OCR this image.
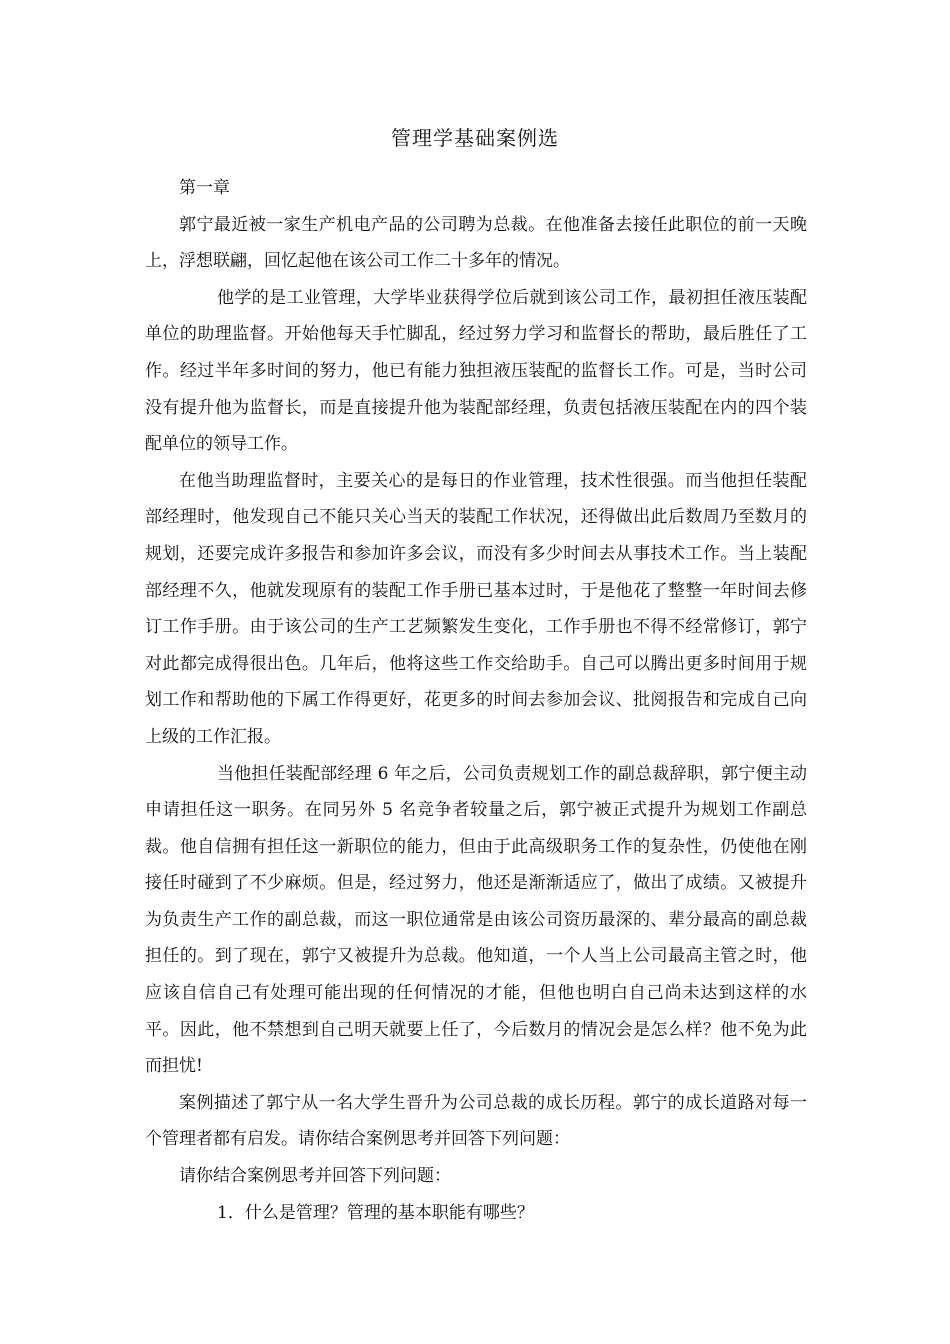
管理学基础案例选

第一章

郭宁最近被一家生产机电产品的公司聘为总裁。在他准备去接任此职位的前一天晚上，浮想联翩，回忆起他在该公司工作二十多年的情况。

他学的是工业管理，大学毕业获得学位后就到该公司工作，最初担任液压装配单位的助理监督。开始他每天手忙脚乱，经过努力学习和监督长的帮助，最后胜任了工作。经过半年多时间的努力，他已有能力独担液压装配的监督长工作。可是，当时公司没有提升他为监督长，而是直接提升他为装配部经理，负责包括液压装配在内的四个装配单位的领导工作。

在他当助理监督时，主要关心的是每日的作业管理，技术性很强。而当他担任装配部经理时，他发现自己不能只关心当天的装配工作状况，还得做出此后数周乃至数月的规划，还要完成许多报告和参加许多会议，而没有多少时间去从事技术工作。当上装配部经理不久，他就发现原有的装配工作手册已基本过时，于是他花了整整一年时间去修订工作手册。由于该公司的生产工艺频繁发生变化，工作手册也不得不经常修订，郭宁对此都完成得很出色。几年后，他将这些工作交给助手。自己可以腾出更多时间用于规划工作和帮助他的下属工作得更好，花更多的时间去参加会议、批阅报告和完成自己向上级的工作汇报。

当他担任装配部经理 6 年之后，公司负责规划工作的副总裁辞职，郭宁便主动申请担任这一职务。在同另外 5 名竞争者较量之后，郭宁被正式提升为规划工作副总裁。他自信拥有担任这一新职位的能力，但由于此高级职务工作的复杂性，仍使他在刚接任时碰到了不少麻烦。但是，经过努力，他还是渐渐适应了，做出了成绩。又被提升为负责生产工作的副总裁，而这一职位通常是由该公司资历最深的、辈分最高的副总裁担任的。到了现在，郭宁又被提升为总裁。他知道，一个人当上公司最高主管之时，他应该自信自己有处理可能出现的任何情况的才能，但他也明白自己尚未达到这样的水平。因此，他不禁想到自己明天就要上任了，今后数月的情况会是怎么样？他不免为此而担忧!

案例描述了郭宁从一名大学生晋升为公司总裁的成长历程。郭宁的成长道路对每一个管理者都有启发。请你结合案例思考并回答下列问题：

请你结合案例思考并回答下列问题：

1．什么是管理？管理的基本职能有哪些？
